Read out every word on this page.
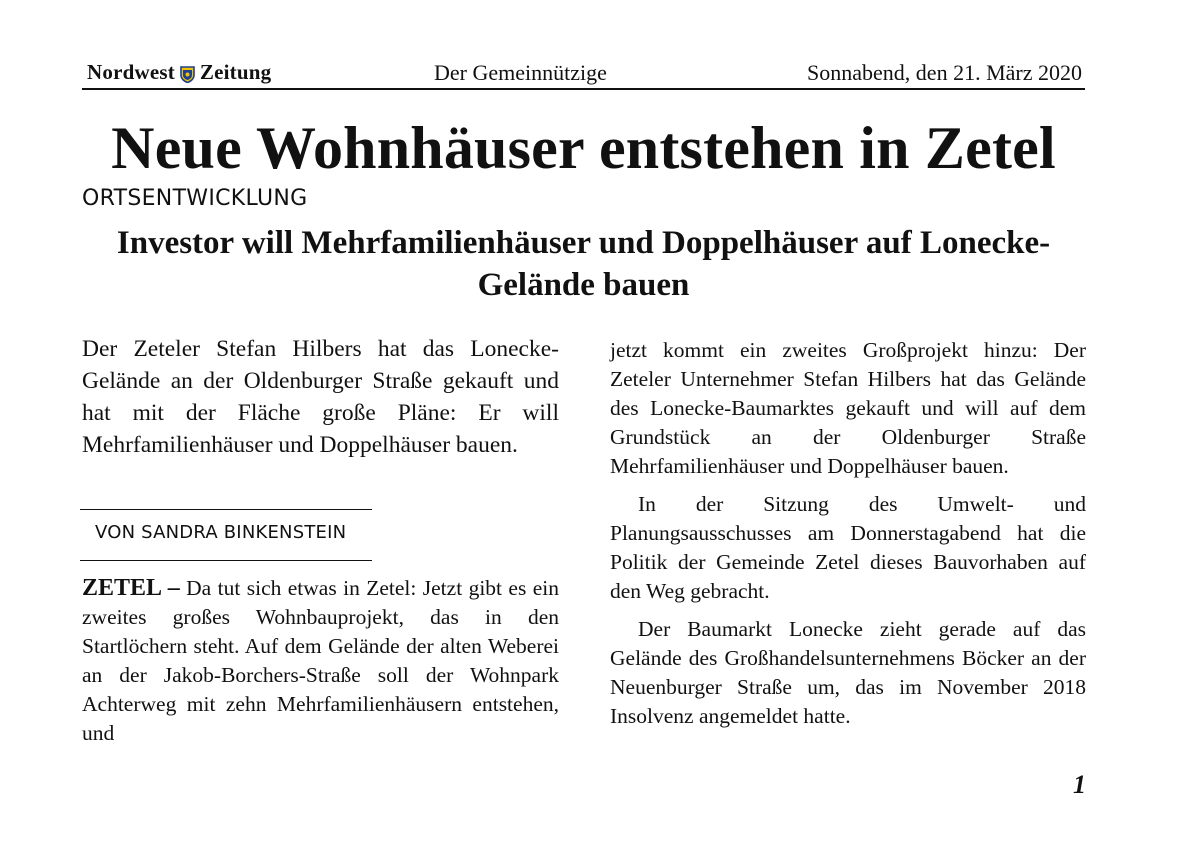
Nordwest Zeitung	Der Gemeinnützige	Sonnabend, den 21. März 2020
Neue Wohnhäuser entstehen in Zetel
ORTSENTWICKLUNG
Investor will Mehrfamilienhäuser und Doppelhäuser auf Lonecke-Gelände bauen

Der Zeteler Stefan Hilbers hat das Lonecke-Gelände an der Oldenburger Straße gekauft und hat mit der Fläche große Pläne: Er will Mehrfamilienhäuser und Doppelhäuser bauen.

VON SANDRA BINKENSTEIN

ZETEL – Da tut sich etwas in Zetel: Jetzt gibt es ein zweites großes Wohnbauprojekt, das in den Startlöchern steht. Auf dem Gelände der alten Weberei an der Jakob-Borchers-Straße soll der Wohnpark Achterweg mit zehn Mehrfamilienhäusern entstehen, und

jetzt kommt ein zweites Großprojekt hinzu: Der Zeteler Unternehmer Stefan Hilbers hat das Gelände des Lonecke-Baumarktes gekauft und will auf dem Grundstück an der Oldenburger Straße Mehrfamilienhäuser und Doppelhäuser bauen.

In der Sitzung des Umwelt- und Planungsausschusses am Donnerstagabend hat die Politik der Gemeinde Zetel dieses Bauvorhaben auf den Weg gebracht.

Der Baumarkt Lonecke zieht gerade auf das Gelände des Großhandelsunternehmens Böcker an der Neuenburger Straße um, das im November 2018 Insolvenz angemeldet hatte.

1
